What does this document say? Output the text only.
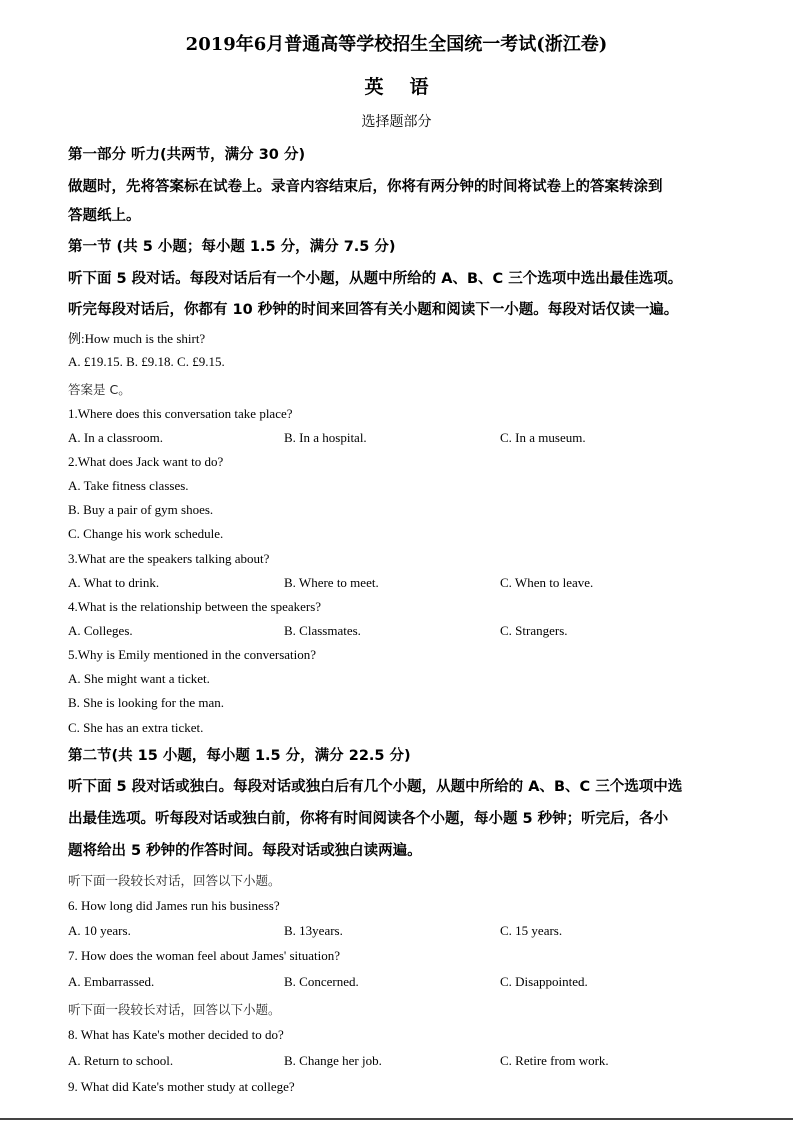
2019年6月普通高等学校招生全国统一考试(浙江卷)
英语
选择题部分
第一部分 听力(共两节，满分 30 分)
做题时，先将答案标在试卷上。录音内容结束后，你将有两分钟的时间将试卷上的答案转涂到
答题纸上。
第一节 (共 5 小题；每小题 1.5 分，满分 7.5 分)
听下面 5 段对话。每段对话后有一个小题，从题中所给的 A、B、C 三个选项中选出最佳选项。
听完每段对话后，你都有 10 秒钟的时间来回答有关小题和阅读下一小题。每段对话仅读一遍。
例:How much is the shirt?
A. £19.15. B. £9.18. C. £9.15.
答案是 C。
1.Where does this conversation take place?
A. In a classroom.	B. In a hospital.	C. In a museum.
2.What does Jack want to do?
A. Take fitness classes.
B. Buy a pair of gym shoes.
C. Change his work schedule.
3.What are the speakers talking about?
A. What to drink.	B. Where to meet.	C. When to leave.
4.What is the relationship between the speakers?
A. Colleges.	B. Classmates.	C. Strangers.
5.Why is Emily mentioned in the conversation?
A. She might want a ticket.
B. She is looking for the man.
C. She has an extra ticket.
第二节(共 15 小题，每小题 1.5 分，满分 22.5 分)
听下面 5 段对话或独白。每段对话或独白后有几个小题，从题中所给的 A、B、C 三个选项中选
出最佳选项。听每段对话或独白前，你将有时间阅读各个小题，每小题 5 秒钟；听完后，各小
题将给出 5 秒钟的作答时间。每段对话或独白读两遍。
听下面一段较长对话，回答以下小题。
6. How long did James run his business?
A. 10 years.	B. 13years.	C. 15 years.
7. How does the woman feel about James' situation?
A. Embarrassed.	B. Concerned.	C. Disappointed.
听下面一段较长对话，回答以下小题。
8. What has Kate's mother decided to do?
A. Return to school.	B. Change her job.	C. Retire from work.
9. What did Kate's mother study at college?
